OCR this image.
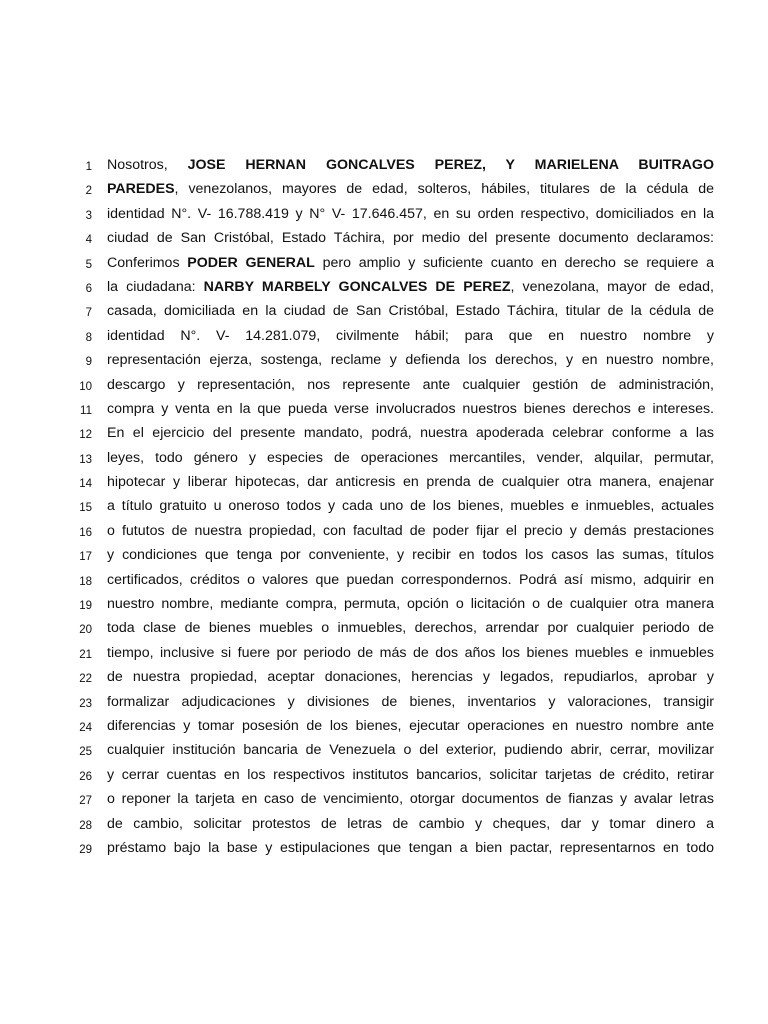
1 Nosotros, JOSE HERNAN GONCALVES PEREZ, Y MARIELENA BUITRAGO
2 PAREDES, venezolanos, mayores de edad, solteros, hábiles, titulares de la cédula de
3 identidad N°. V- 16.788.419 y N° V- 17.646.457, en su orden respectivo, domiciliados en la
4 ciudad de San Cristóbal, Estado Táchira, por medio del presente documento declaramos:
5 Conferimos PODER GENERAL pero amplio y suficiente cuanto en derecho se requiere a
6 la ciudadana: NARBY MARBELY GONCALVES DE PEREZ, venezolana, mayor de edad,
7 casada, domiciliada en la ciudad de San Cristóbal, Estado Táchira, titular de la cédula de
8 identidad N°. V- 14.281.079, civilmente hábil; para que en nuestro nombre y
9 representación ejerza, sostenga, reclame y defienda los derechos, y en nuestro nombre,
10 descargo y representación, nos represente ante cualquier gestión de administración,
11 compra y venta en la que pueda verse involucrados nuestros bienes derechos e intereses.
12 En el ejercicio del presente mandato, podrá, nuestra apoderada celebrar conforme a las
13 leyes, todo género y especies de operaciones mercantiles, vender, alquilar, permutar,
14 hipotecar y liberar hipotecas, dar anticresis en prenda de cualquier otra manera, enajenar
15 a título gratuito u oneroso todos y cada uno de los bienes, muebles e inmuebles, actuales
16 o fututos de nuestra propiedad, con facultad de poder fijar el precio y demás prestaciones
17 y condiciones que tenga por conveniente, y recibir en todos los casos las sumas, títulos
18 certificados, créditos o valores que puedan correspondernos. Podrá así mismo, adquirir en
19 nuestro nombre, mediante compra, permuta, opción o licitación o de cualquier otra manera
20 toda clase de bienes muebles o inmuebles, derechos, arrendar por cualquier periodo de
21 tiempo, inclusive si fuere por periodo de más de dos años los bienes muebles e inmuebles
22 de nuestra propiedad, aceptar donaciones, herencias y legados, repudiarlos, aprobar y
23 formalizar adjudicaciones y divisiones de bienes, inventarios y valoraciones, transigir
24 diferencias y tomar posesión de los bienes, ejecutar operaciones en nuestro nombre ante
25 cualquier institución bancaria de Venezuela o del exterior, pudiendo abrir, cerrar, movilizar
26 y cerrar cuentas en los respectivos institutos bancarios, solicitar tarjetas de crédito, retirar
27 o reponer la tarjeta en caso de vencimiento, otorgar documentos de fianzas y avalar letras
28 de cambio, solicitar protestos de letras de cambio y cheques, dar y tomar dinero a
29 préstamo bajo la base y estipulaciones que tengan a bien pactar, representarnos en todo
